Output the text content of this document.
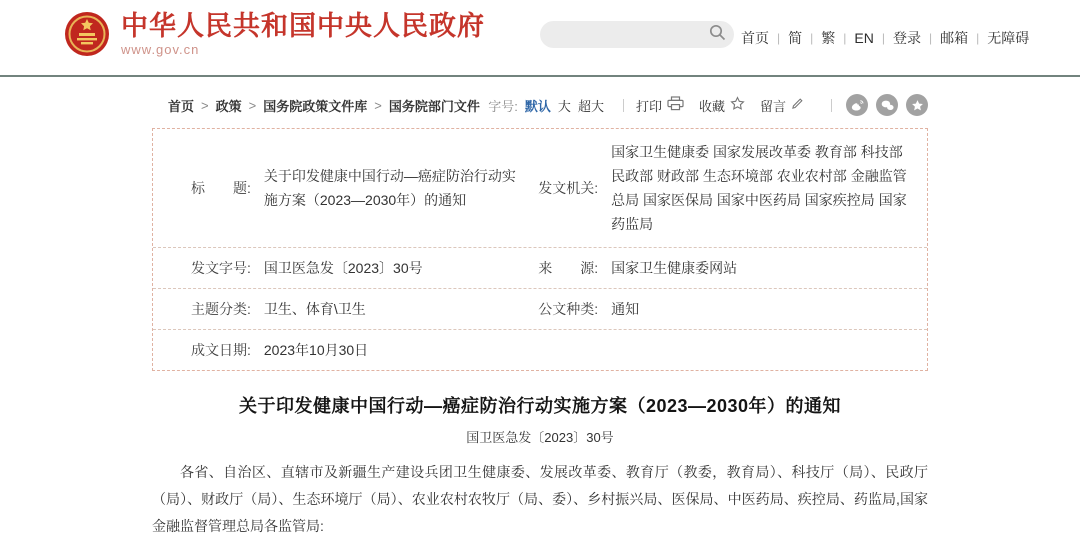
中华人民共和国中央人民政府
www.gov.cn
首页 | 简 | 繁 | EN | 登录 | 邮箱 | 无障碍
首页 > 政策 > 国务院政策文件库 > 国务院部门文件 字号: 默认 大 超大 打印	收藏	留言
标　　题:
关于印发健康中国行动—癌症防治行动实施方案（2023—2030年）的通知
发文机关:
国家卫生健康委 国家发展改革委 教育部 科技部 民政部 财政部 生态环境部 农业农村部 金融监管总局 国家医保局 国家中医药局 国家疾控局 国家药监局
发文字号: 国卫医急发〔2023〕30号	来　　源: 国家卫生健康委网站
主题分类: 卫生、体育\卫生	公文种类: 通知
成文日期: 2023年10月30日
关于印发健康中国行动—癌症防治行动实施方案（2023—2030年）的通知
国卫医急发〔2023〕30号

各省、自治区、直辖市及新疆生产建设兵团卫生健康委、发展改革委、教育厅（教委，教育局）、科技厅（局）、民政厅（局）、财政厅（局）、生态环境厅（局）、农业农村农牧厅（局、委）、乡村振兴局、医保局、中医药局、疾控局、药监局,国家金融监督管理总局各监管局:
